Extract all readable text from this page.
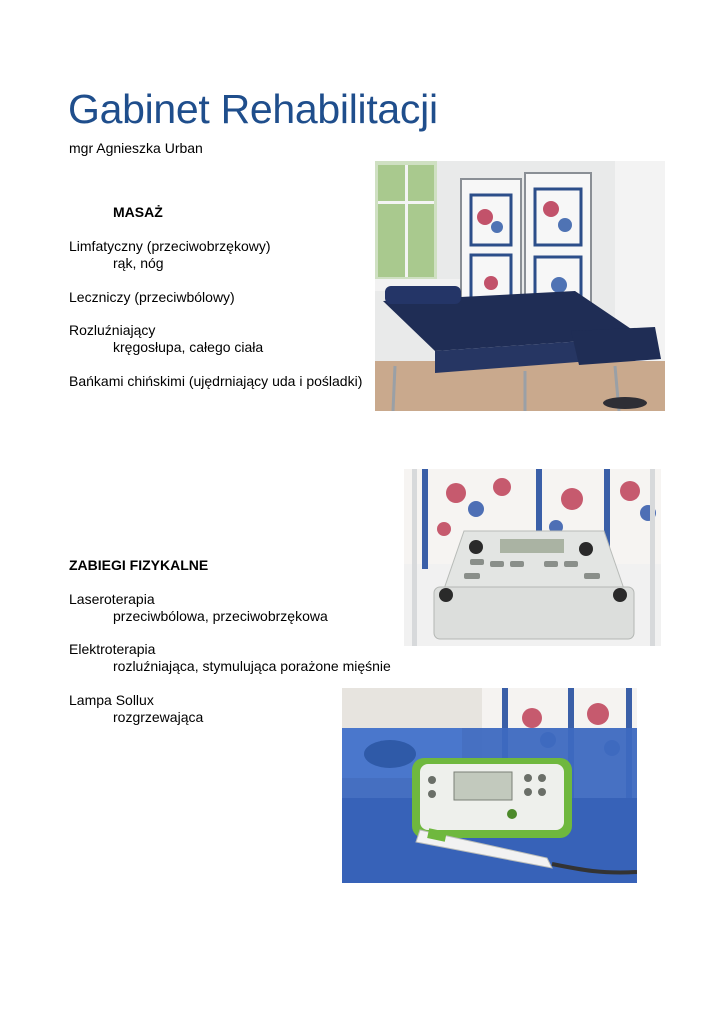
Gabinet Rehabilitacji
mgr Agnieszka Urban
MASAŻ
Limfatyczny (przeciwobrzękowy)
rąk, nóg
Leczniczy (przeciwbólowy)
Rozluźniający
kręgosłupa, całego ciała
Bańkami chińskimi (ujędrniający uda i pośladki)
ZABIEGI FIZYKALNE
Laseroterapia
przeciwbólowa, przeciwobrzękowa
Elektroterapia
rozluźniająca, stymulująca porażone mięśnie
Lampa Sollux
rozgrzewająca
